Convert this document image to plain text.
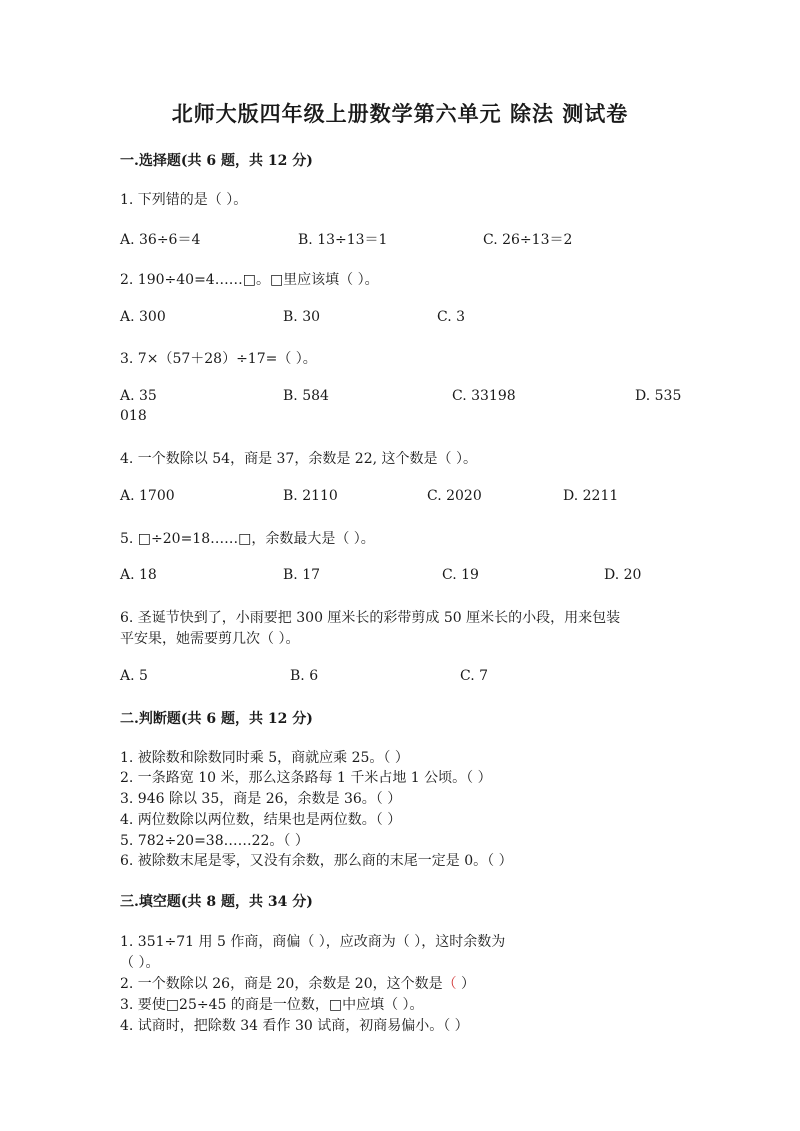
北师大版四年级上册数学第六单元 除法 测试卷
一.选择题(共 6 题，共 12 分)
1. 下列错的是（ ）。
A. 36÷6＝4	B. 13÷13＝1	C. 26÷13＝2
2. 190÷40=4……□。□里应该填（ ）。
A. 300	B. 30	C. 3
3. 7×（57＋28）÷17=（ ）。
A. 35	B. 584	C. 33198	D. 535
018
4. 一个数除以 54，商是 37，余数是 22, 这个数是（ ）。
A. 1700	B. 2110	C. 2020	D. 2211
5. □÷20=18……□，余数最大是（ ）。
A. 18	B. 17	C. 19	D. 20
6. 圣诞节快到了，小雨要把 300 厘米长的彩带剪成 50 厘米长的小段，用来包装
平安果，她需要剪几次（ ）。
A. 5	B. 6	C. 7
二.判断题(共 6 题，共 12 分)
1. 被除数和除数同时乘 5，商就应乘 25。（ ）
2. 一条路宽 10 米，那么这条路每 1 千米占地 1 公顷。（ ）
3. 946 除以 35，商是 26，余数是 36。（ ）
4. 两位数除以两位数，结果也是两位数。（ ）
5. 782÷20=38……22。（ ）
6. 被除数末尾是零，又没有余数，那么商的末尾一定是 0。（ ）
三.填空题(共 8 题，共 34 分)
1. 351÷71 用 5 作商，商偏（ ），应改商为（ ），这时余数为
（ ）。
2. 一个数除以 26，商是 20，余数是 20，这个数是（ ）
3. 要使□25÷45 的商是一位数，□中应填（ ）。
4. 试商时，把除数 34 看作 30 试商，初商易偏小。（ ）
